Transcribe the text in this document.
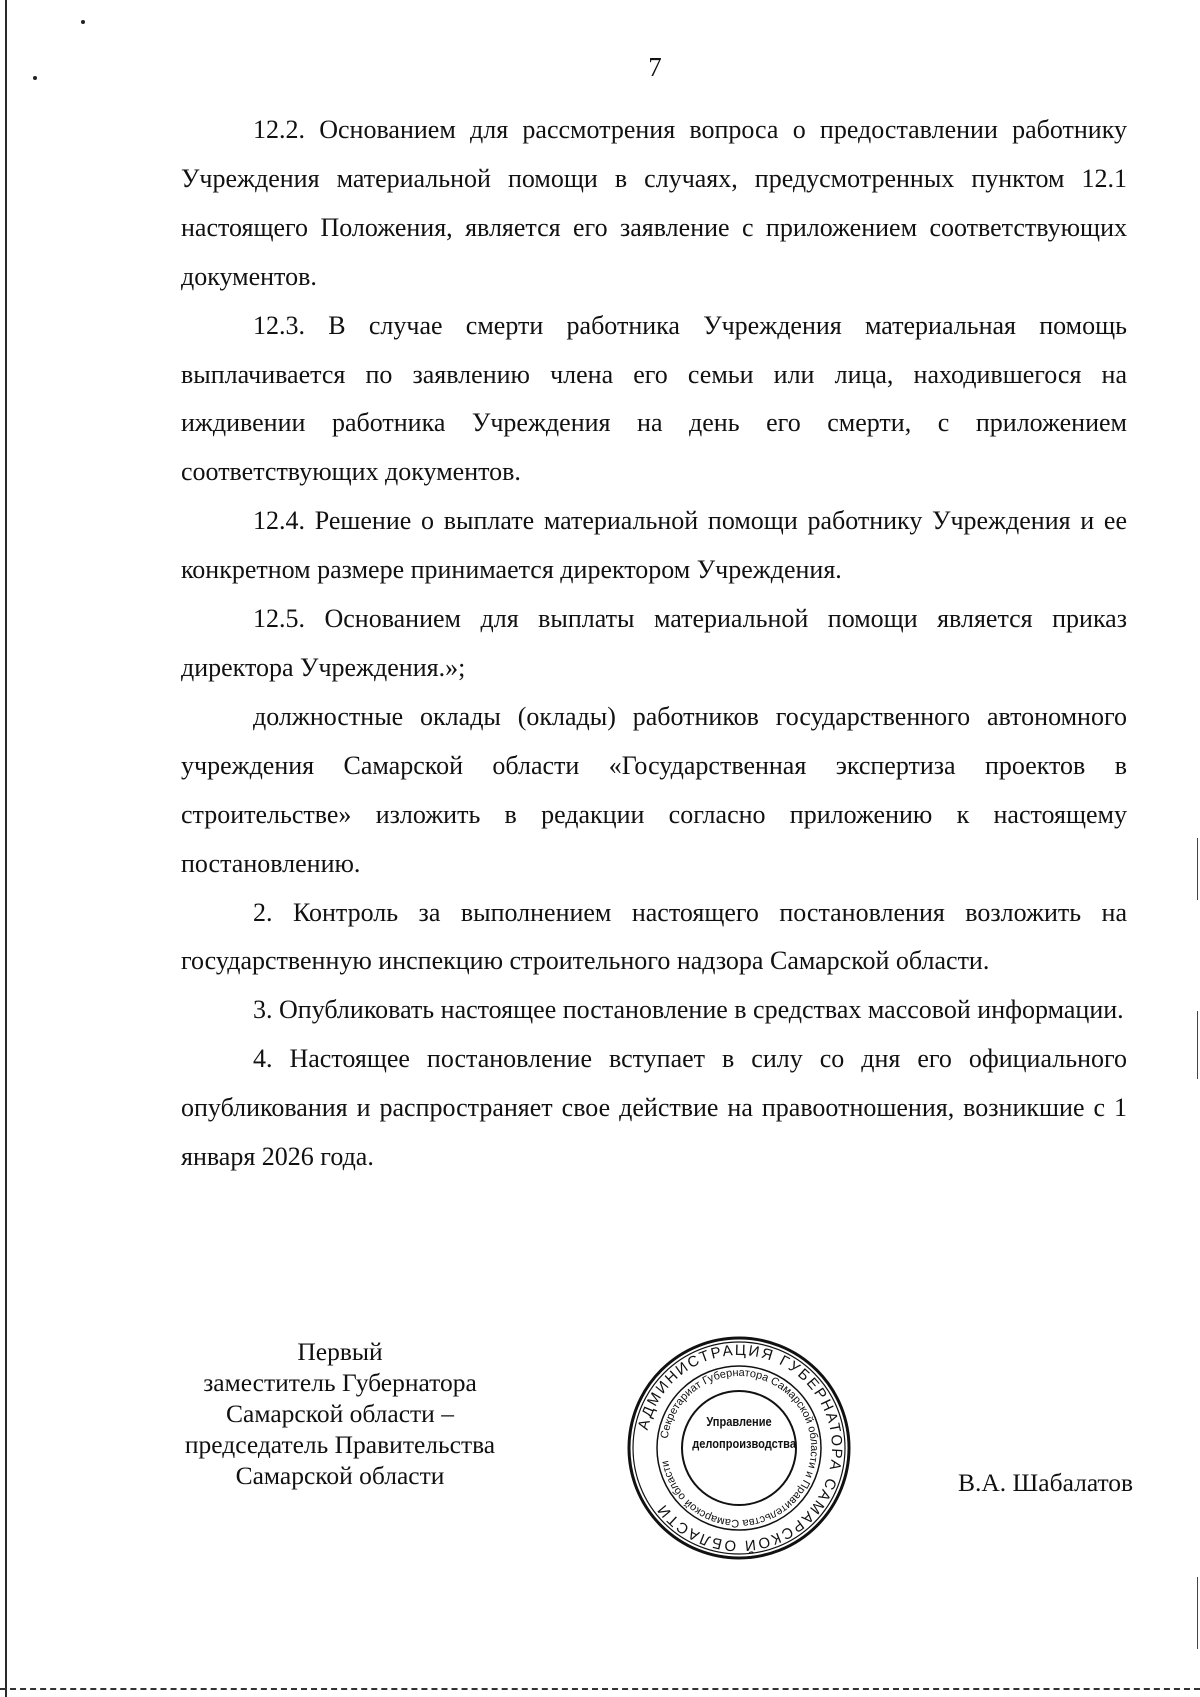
7

12.2. Основанием для рассмотрения вопроса о предоставлении работнику Учреждения материальной помощи в случаях, предусмотренных пунктом 12.1 настоящего Положения, является его заявление с приложением соответствующих документов.

12.3. В случае смерти работника Учреждения материальная помощь выплачивается по заявлению члена его семьи или лица, находившегося на иждивении работника Учреждения на день его смерти, с приложением соответствующих документов.

12.4. Решение о выплате материальной помощи работнику Учреждения и ее конкретном размере принимается директором Учреждения.

12.5. Основанием для выплаты материальной помощи является приказ директора Учреждения.»;

должностные оклады (оклады) работников государственного автономного учреждения Самарской области «Государственная экспертиза проектов в строительстве» изложить в редакции согласно приложению к настоящему постановлению.

2. Контроль за выполнением настоящего постановления возложить на государственную инспекцию строительного надзора Самарской области.

3. Опубликовать настоящее постановление в средствах массовой информации.

4. Настоящее постановление вступает в силу со дня его официального опубликования и распространяет свое действие на правоотношения, возникшие с 1 января 2026 года.

Первый
заместитель Губернатора
Самарской области –
председатель Правительства
Самарской области
АДМИНИСТРАЦИЯ ГУБЕРНАТОРА САМАРСКОЙ ОБЛАСТИ
Секретариат Губернатора Самарской области и Правительства Самарской области
Управление
делопроизводства
В.А. Шабалатов
